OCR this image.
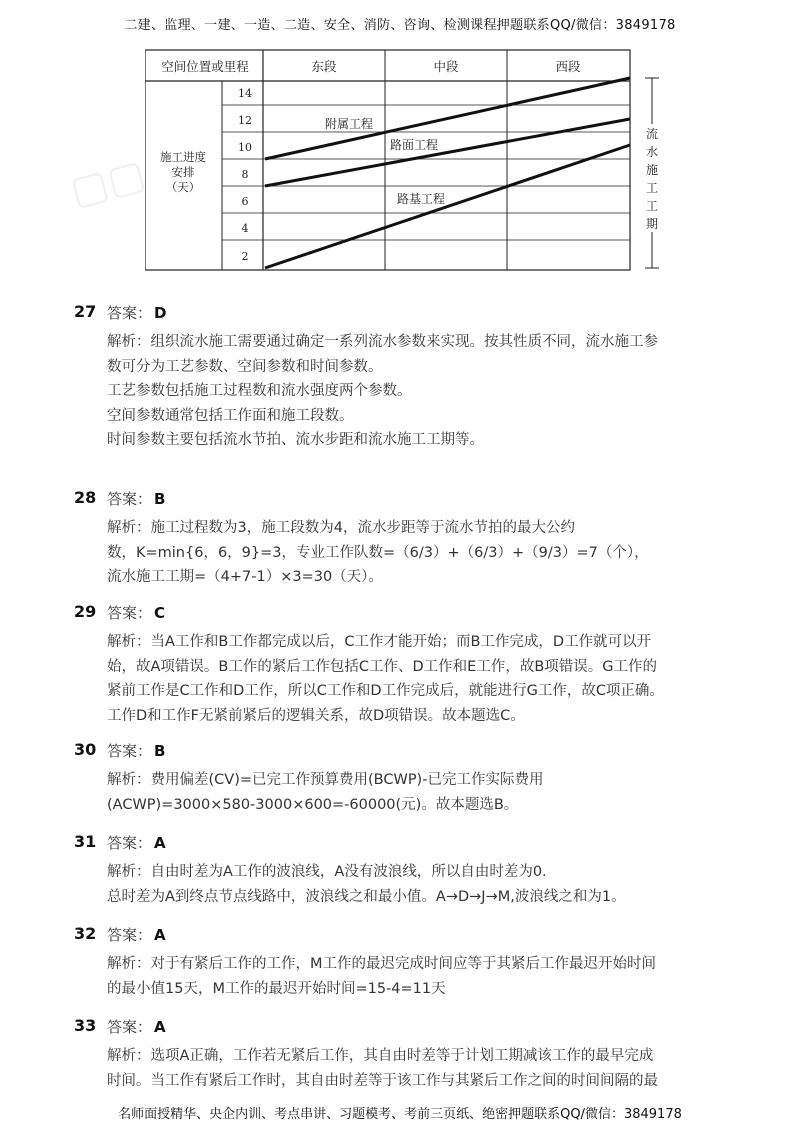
▢▢
二建、监理、一建、一造、二造、安全、消防、咨询、检测课程押题联系QQ/微信：3849178
空间位置或里程	东段	中段	西段
施工进度
安排
（天）
14
12
10
8
6
4
2
附属工程
路面工程
路基工程
流
水
施
工
工
期
27 答案： D

解析：组织流水施工需要通过确定一系列流水参数来实现。按其性质不同，流水施工参

数可分为工艺参数、空间参数和时间参数。

工艺参数包括施工过程数和流水强度两个参数。

空间参数通常包括工作面和施工段数。

时间参数主要包括流水节拍、流水步距和流水施工工期等。

28 答案： B

解析：施工过程数为3，施工段数为4，流水步距等于流水节拍的最大公约

数，K=min{6，6，9}=3，专业工作队数=（6/3）+（6/3）+（9/3）=7（个），

流水施工工期=（4+7-1）×3=30（天）。

29 答案： C

解析：当A工作和B工作都完成以后，C工作才能开始；而B工作完成，D工作就可以开

始，故A项错误。B工作的紧后工作包括C工作、D工作和E工作，故B项错误。G工作的

紧前工作是C工作和D工作，所以C工作和D工作完成后，就能进行G工作，故C项正确。

工作D和工作F无紧前紧后的逻辑关系，故D项错误。故本题选C。

30 答案： B

解析：费用偏差(CV)=已完工作预算费用(BCWP)-已完工作实际费用

(ACWP)=3000×580-3000×600=-60000(元)。故本题选B。

31 答案： A

解析：自由时差为A工作的波浪线，A没有波浪线，所以自由时差为0.

总时差为A到终点节点线路中，波浪线之和最小值。A→D→J→M,波浪线之和为1。

32 答案： A

解析：对于有紧后工作的工作，M工作的最迟完成时间应等于其紧后工作最迟开始时间

的最小值15天，M工作的最迟开始时间=15-4=11天

33 答案： A

解析：选项A正确，工作若无紧后工作，其自由时差等于计划工期减该工作的最早完成

时间。当工作有紧后工作时，其自由时差等于该工作与其紧后工作之间的时间间隔的最

名师面授精华、央企内训、考点串讲、习题模考、考前三页纸、绝密押题联系QQ/微信：3849178
